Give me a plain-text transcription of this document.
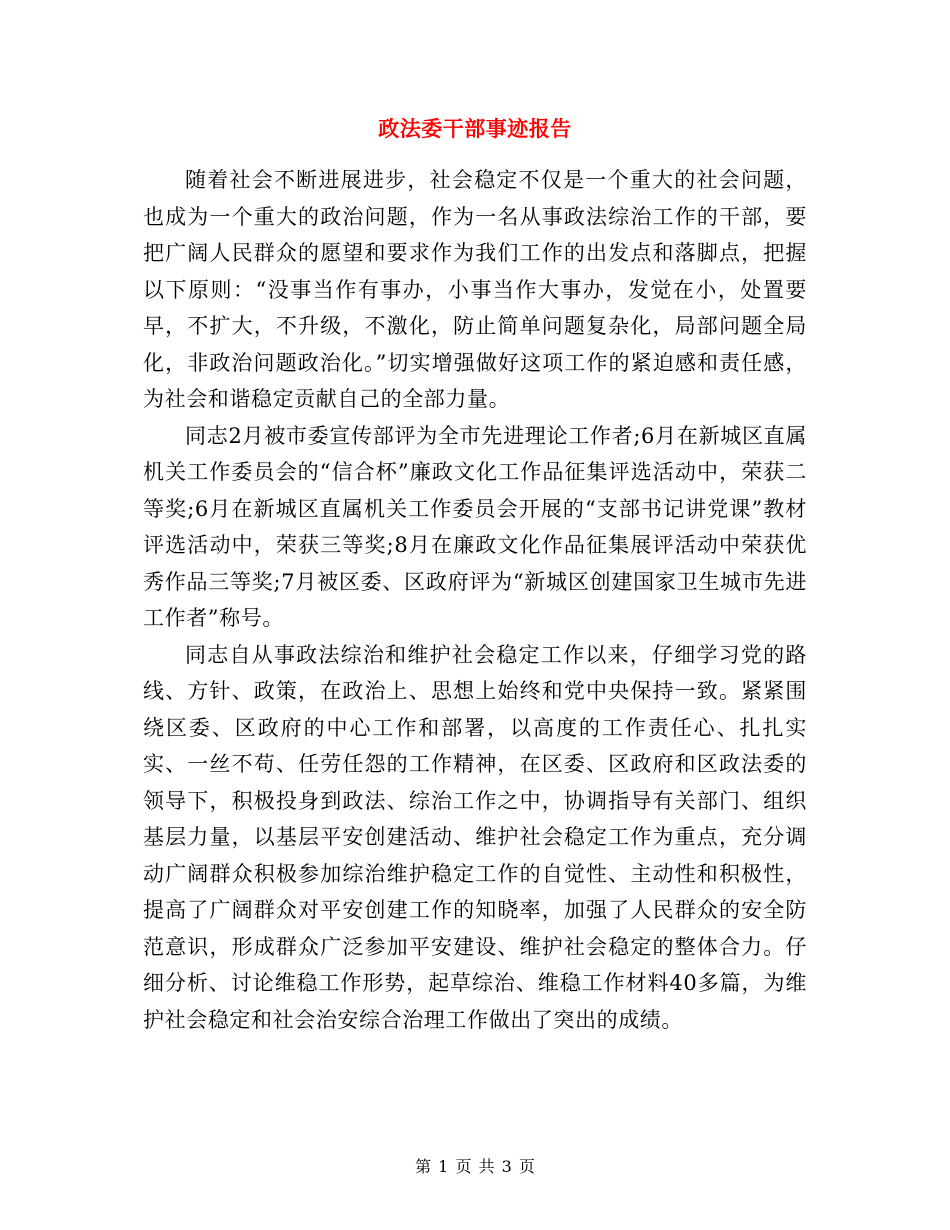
政法委干部事迹报告

随着社会不断进展进步，社会稳定不仅是一个重大的社会问题，也成为一个重大的政治问题，作为一名从事政法综治工作的干部，要把广阔人民群众的愿望和要求作为我们工作的出发点和落脚点，把握以下原则：“没事当作有事办，小事当作大事办，发觉在小，处置要早，不扩大，不升级，不激化，防止简单问题复杂化，局部问题全局化，非政治问题政治化。”切实增强做好这项工作的紧迫感和责任感，为社会和谐稳定贡献自己的全部力量。

同志2月被市委宣传部评为全市先进理论工作者;6月在新城区直属机关工作委员会的“信合杯”廉政文化工作品征集评选活动中，荣获二等奖;6月在新城区直属机关工作委员会开展的“支部书记讲党课”教材评选活动中，荣获三等奖;8月在廉政文化作品征集展评活动中荣获优秀作品三等奖;7月被区委、区政府评为“新城区创建国家卫生城市先进工作者”称号。

同志自从事政法综治和维护社会稳定工作以来，仔细学习党的路线、方针、政策，在政治上、思想上始终和党中央保持一致。紧紧围绕区委、区政府的中心工作和部署，以高度的工作责任心、扎扎实实、一丝不苟、任劳任怨的工作精神，在区委、区政府和区政法委的领导下，积极投身到政法、综治工作之中，协调指导有关部门、组织基层力量，以基层平安创建活动、维护社会稳定工作为重点，充分调动广阔群众积极参加综治维护稳定工作的自觉性、主动性和积极性，提高了广阔群众对平安创建工作的知晓率，加强了人民群众的安全防范意识，形成群众广泛参加平安建设、维护社会稳定的整体合力。仔细分析、讨论维稳工作形势，起草综治、维稳工作材料40多篇，为维护社会稳定和社会治安综合治理工作做出了突出的成绩。

第 1 页 共 3 页
